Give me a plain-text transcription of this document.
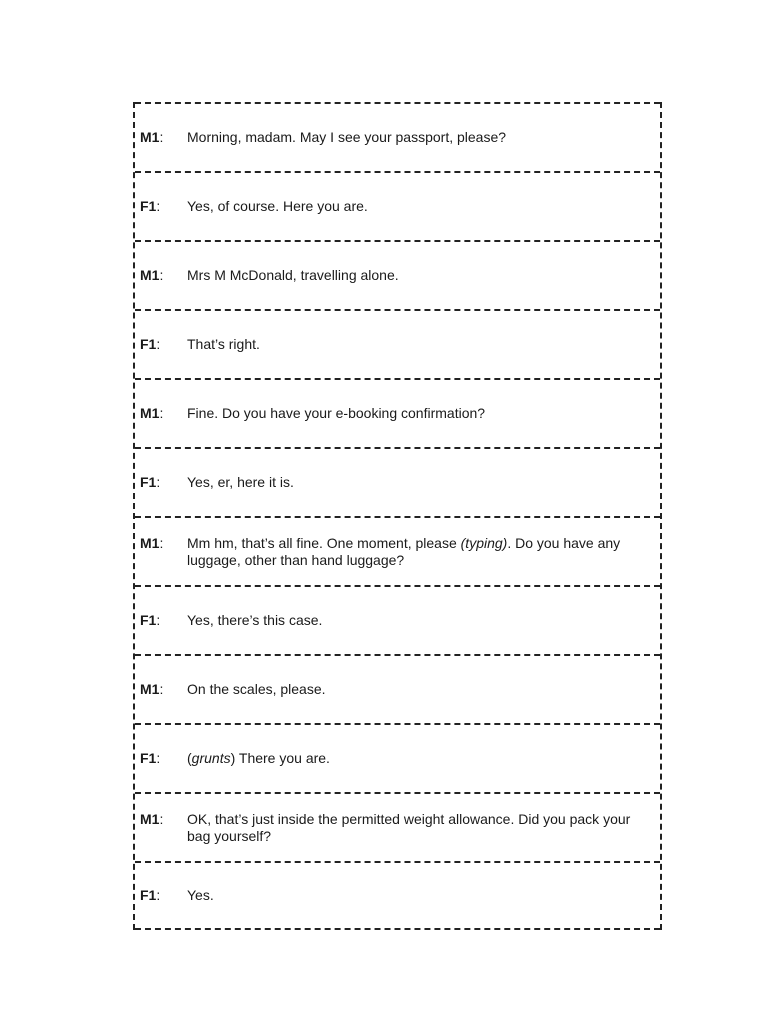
M1:	Morning, madam. May I see your passport, please?
F1:	Yes, of course. Here you are.
M1:	Mrs M McDonald, travelling alone.
F1:	That’s right.
M1:	Fine. Do you have your e-booking confirmation?
F1:	Yes, er, here it is.
M1:	Mm hm, that’s all fine. One moment, please (typing). Do you have any luggage, other than hand luggage?
F1:	Yes, there’s this case.
M1:	On the scales, please.
F1:	(grunts) There you are.
M1:	OK, that’s just inside the permitted weight allowance. Did you pack your bag yourself?
F1:	Yes.
